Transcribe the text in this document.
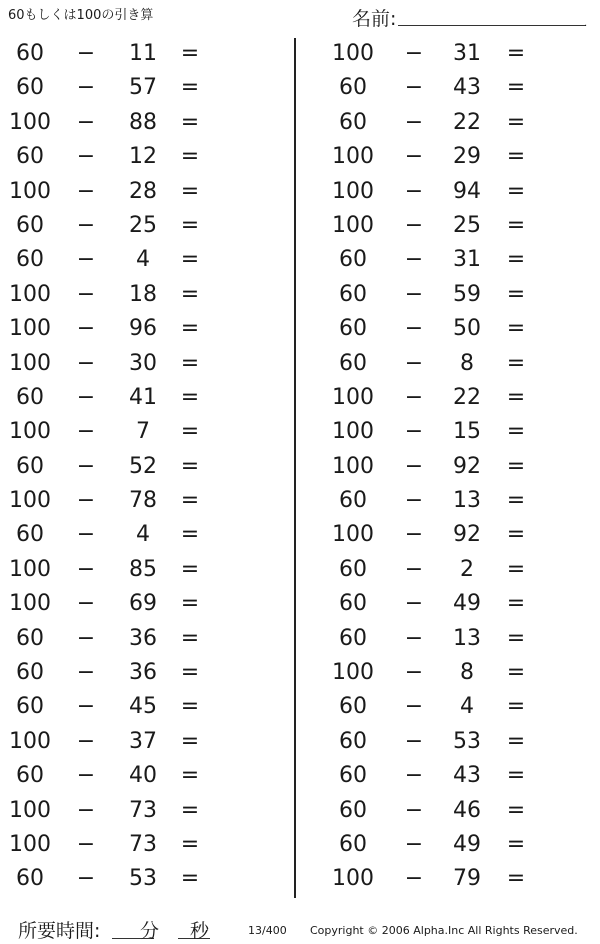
60もしくは100の引き算	名前:	.
60	−	11	=
60	−	57	=
100	−	88	=
60	−	12	=
100	−	28	=
60	−	25	=
60	−	4	=
100	−	18	=
100	−	96	=
100	−	30	=
60	−	41	=
100	−	7	=
60	−	52	=
100	−	78	=
60	−	4	=
100	−	85	=
100	−	69	=
60	−	36	=
60	−	36	=
60	−	45	=
100	−	37	=
60	−	40	=
100	−	73	=
100	−	73	=
60	−	53	=
100	−	31	=
60	−	43	=
60	−	22	=
100	−	29	=
100	−	94	=
100	−	25	=
60	−	31	=
60	−	59	=
60	−	50	=
60	−	8	=
100	−	22	=
100	−	15	=
100	−	92	=
60	−	13	=
100	−	92	=
60	−	2	=
60	−	49	=
60	−	13	=
100	−	8	=
60	−	4	=
60	−	53	=
60	−	43	=
60	−	46	=
60	−	49	=
100	−	79	=
所要時間: 分 秒	13/400 Copyright © 2006 Alpha.Inc All Rights Reserved.
